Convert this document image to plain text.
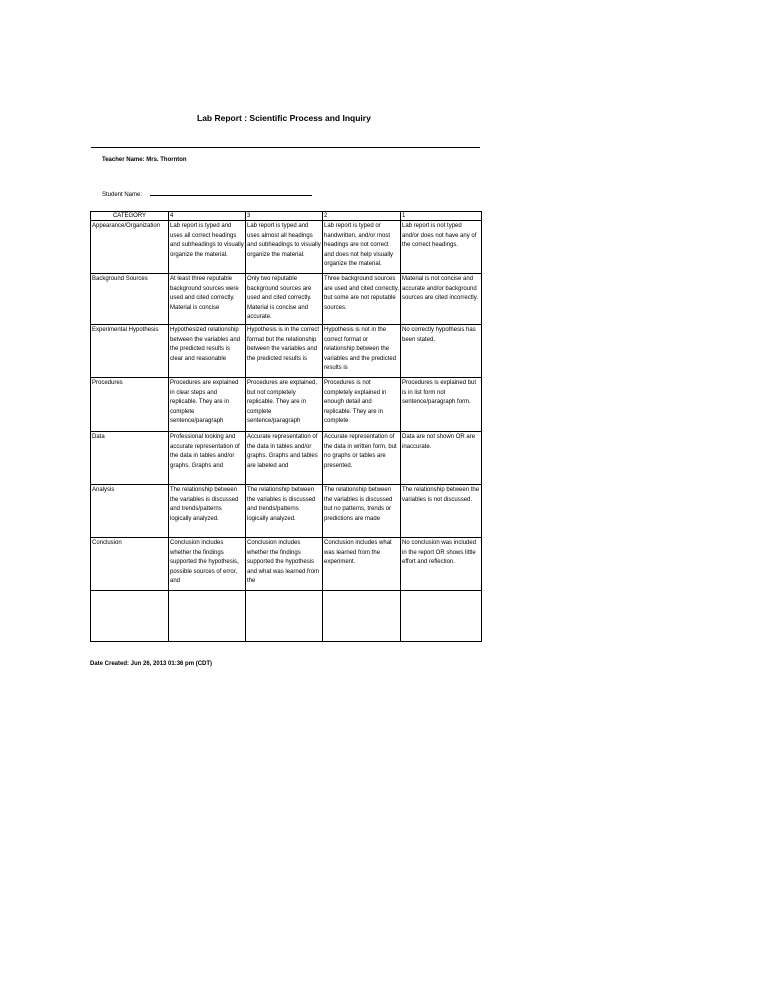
Lab Report : Scientific Process and Inquiry
Teacher Name: Mrs. Thornton
Student Name:
CATEGORY	4	3	2	1

Appearance/Organization	Lab report is typed and uses all correct headings and subheadings to visually organize the material.	Lab report is typed and uses almost all headings and subheadings to visually organize the material.	Lab report is typed or handwritten, and/or most headings are not correct and does not help visually organize the material.	Lab report is not typed and/or does not have any of the correct headings.

Background Sources	At least three reputable background sources were used and cited correctly. Material is concise	Only two reputable background sources are used and cited correctly. Material is concise and accurate.	Three background sources are used and cited correctly, but some are not reputable sources.	Material is not concise and accurate and/or background sources are cited incorrectly.

Experimental Hypothesis	Hypothesized relationship between the variables and the predicted results is clear and reasonable	Hypothesis is in the correct format but the relationship between the variables and the predicted results is	Hypothesis is not in the correct format or relationship between the variables and the predicted results is	No correctly hypothesis has been stated.

Procedures	Procedures are explained in clear steps and replicable. They are in complete sentence/paragraph	Procedures are explained, but not completely replicable. They are in complete sentence/paragraph	Procedures is not completely explained in enough detail and replicable. They are in complete	Procedures is explained but is in list form not sentence/paragraph form.

Data	Professional looking and accurate representation of the data in tables and/or graphs. Graphs and	Accurate representation of the data in tables and/or graphs. Graphs and tables are labeled and	Accurate representation of the data in written form, but no graphs or tables are presented.	Data are not shown OR are inaccurate.

Analysis	The relationship between the variables is discussed and trends/patterns logically analyzed.	The relationship between the variables is discussed and trends/patterns logically analyzed.	The relationship between the variables is discussed but no patterns, trends or predictions are made	The relationship between the variables is not discussed.

Conclusion	Conclusion includes whether the findings supported the hypothesis, possible sources of error, and	Conclusion includes whether the findings supported the hypothesis and what was learned from the	Conclusion includes what was learned from the experiment.	No conclusion was included in the report OR shows little effort and reflection.

Date Created: Jun 26, 2013 01:36 pm (CDT)
